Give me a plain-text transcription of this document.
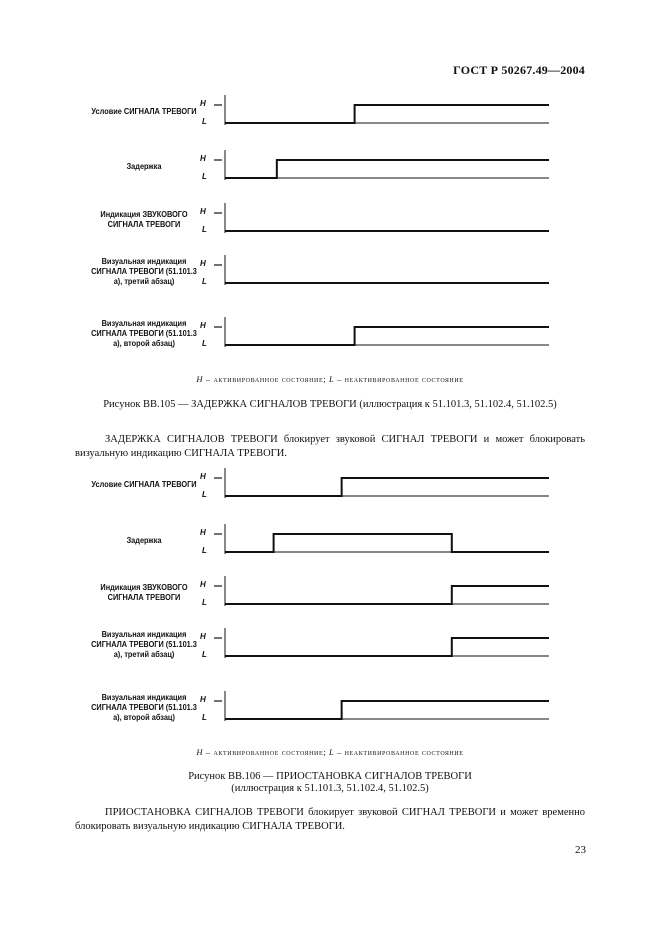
ГОСТ Р 50267.49—2004
H
L
Условие СИГНАЛА ТРЕВОГИ
H
L
Задержка
H
L
Индикация ЗВУКОВОГО СИГНАЛА ТРЕВОГИ
H
L
Визуальная индикация СИГНАЛА ТРЕВОГИ (51.101.3 а), третий абзац)
H
L
Визуальная индикация СИГНАЛА ТРЕВОГИ (51.101.3 а), второй абзац)
H – активированное состояние; L – неактивированное состояние
Рисунок ВВ.105 — ЗАДЕРЖКА СИГНАЛОВ ТРЕВОГИ (иллюстрация к 51.101.3, 51.102.4, 51.102.5)
ЗАДЕРЖКА СИГНАЛОВ ТРЕВОГИ блокирует звуковой СИГНАЛ ТРЕВОГИ и может блокировать визуальную индикацию СИГНАЛА ТРЕВОГИ.
H
L
Условие СИГНАЛА ТРЕВОГИ
H
L
Задержка
H
L
Индикация ЗВУКОВОГО СИГНАЛА ТРЕВОГИ
H
L
Визуальная индикация СИГНАЛА ТРЕВОГИ (51.101.3 а), третий абзац)
H
L
Визуальная индикация СИГНАЛА ТРЕВОГИ (51.101.3 а), второй абзац)
H – активированное состояние; L – неактивированное состояние
Рисунок ВВ.106 — ПРИОСТАНОВКА СИГНАЛОВ ТРЕВОГИ
(иллюстрация к 51.101.3, 51.102.4, 51.102.5)
ПРИОСТАНОВКА СИГНАЛОВ ТРЕВОГИ блокирует звуковой СИГНАЛ ТРЕВОГИ и может временно блокировать визуальную индикацию СИГНАЛА ТРЕВОГИ.
23
